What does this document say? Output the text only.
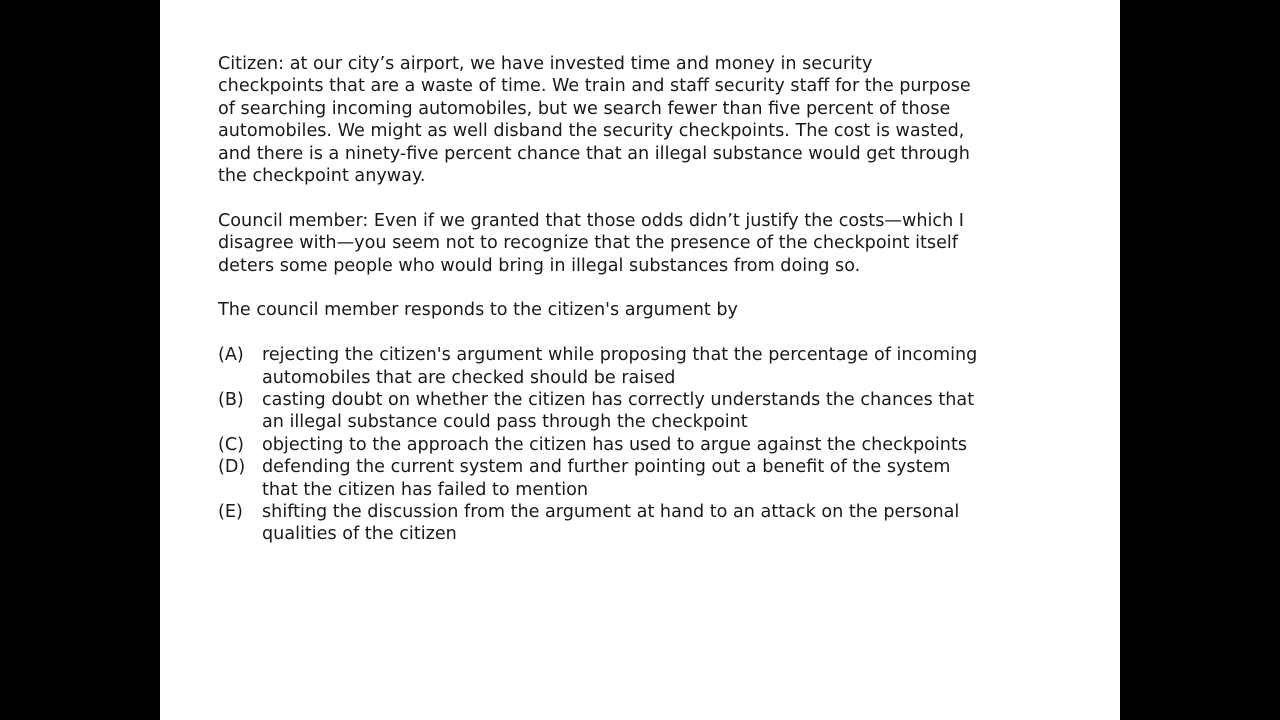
Citizen: at our city’s airport, we have invested time and money in security
checkpoints that are a waste of time. We train and staff security staff for the purpose
of searching incoming automobiles, but we search fewer than five percent of those
automobiles. We might as well disband the security checkpoints. The cost is wasted,
and there is a ninety-five percent chance that an illegal substance would get through
the checkpoint anyway.

Council member: Even if we granted that those odds didn’t justify the costs—which I
disagree with—you seem not to recognize that the presence of the checkpoint itself
deters some people who would bring in illegal substances from doing so.

The council member responds to the citizen's argument by

(A)	rejecting the citizen's argument while proposing that the percentage of incoming
automobiles that are checked should be raised
(B)	casting doubt on whether the citizen has correctly understands the chances that
an illegal substance could pass through the checkpoint
(C)	objecting to the approach the citizen has used to argue against the checkpoints
(D) defending the current system and further pointing out a benefit of the system
that the citizen has failed to mention
(E)	shifting the discussion from the argument at hand to an attack on the personal
qualities of the citizen
